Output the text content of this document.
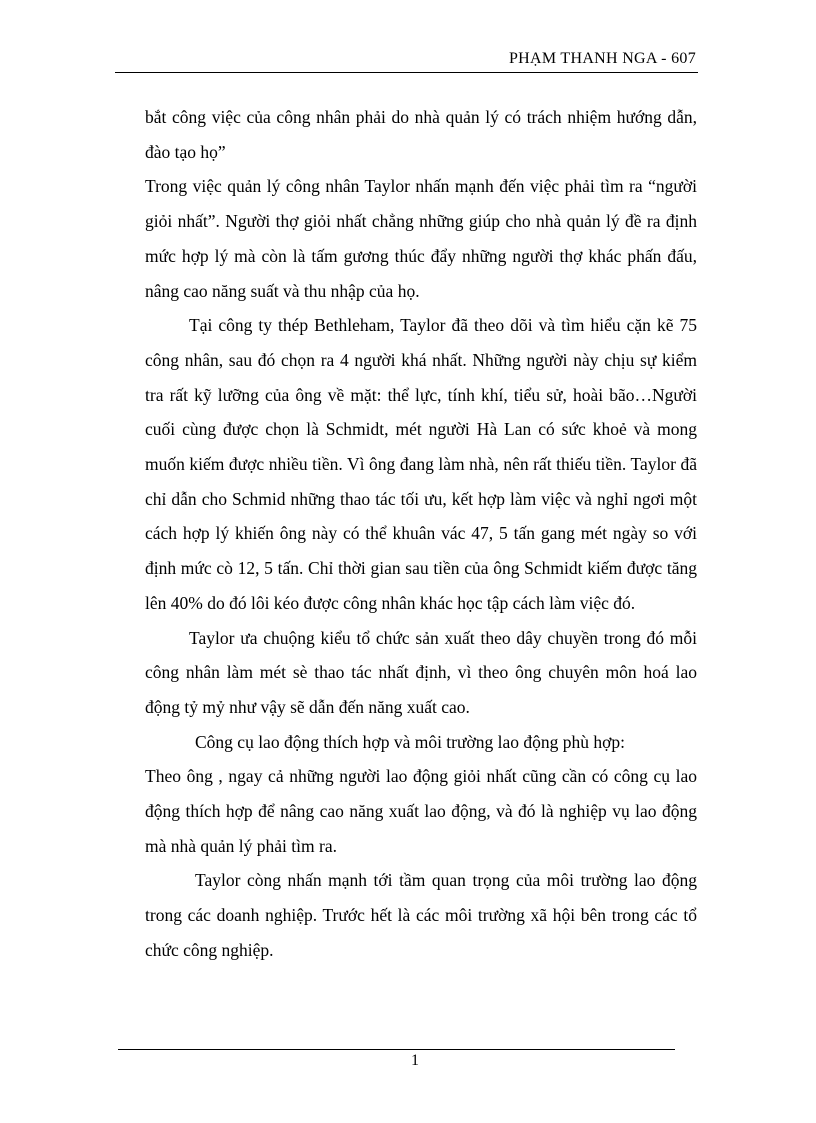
PHẠM THANH NGA - 607

bắt công việc của công nhân phải do nhà quản lý có trách nhiệm hướng dẫn, đào tạo họ”

Trong việc quản lý công nhân Taylor nhấn mạnh đến việc phải tìm ra “người giỏi nhất”. Người thợ giỏi nhất chẳng những giúp cho nhà quản lý đề ra định mức hợp lý mà còn là tấm gương thúc đẩy những người thợ khác phấn đấu, nâng cao năng suất và thu nhập của họ.

Tại công ty thép Bethleham, Taylor đã theo dõi và tìm hiểu cặn kẽ 75 công nhân, sau đó chọn ra 4 người khá nhất. Những người này chịu sự kiểm tra rất kỹ lưỡng của ông về mặt: thể lực, tính khí, tiểu sử, hoài bão…Người cuối cùng được chọn là Schmidt, mét người Hà Lan có sức khoẻ và mong muốn kiếm được nhiều tiền. Vì ông đang làm nhà, nên rất thiếu tiền. Taylor đã chỉ dẫn cho Schmid những thao tác tối ưu, kết hợp làm việc và nghỉ ngơi một cách hợp lý khiến ông này có thể khuân vác 47, 5 tấn gang mét ngày so với định mức cò 12, 5 tấn. Chỉ thời gian sau tiền của ông Schmidt kiếm được tăng lên 40% do đó lôi kéo được công nhân khác học tập cách làm việc đó.

Taylor ưa chuộng kiểu tổ chức sản xuất theo dây chuyền trong đó mỗi công nhân làm mét sè thao tác nhất định, vì theo ông chuyên môn hoá lao động tỷ mỷ như vậy sẽ dẫn đến năng xuất cao.

Công cụ lao động thích hợp và môi trường lao động phù hợp:

Theo ông , ngay cả những người lao động giỏi nhất cũng cần có công cụ lao động thích hợp để nâng cao năng xuất lao động, và đó là nghiệp vụ lao động mà nhà quản lý phải tìm ra.

Taylor còng nhấn mạnh tới tầm quan trọng của môi trường lao động trong các doanh nghiệp. Trước hết là các môi trường xã hội bên trong các tổ chức công nghiệp.

1
